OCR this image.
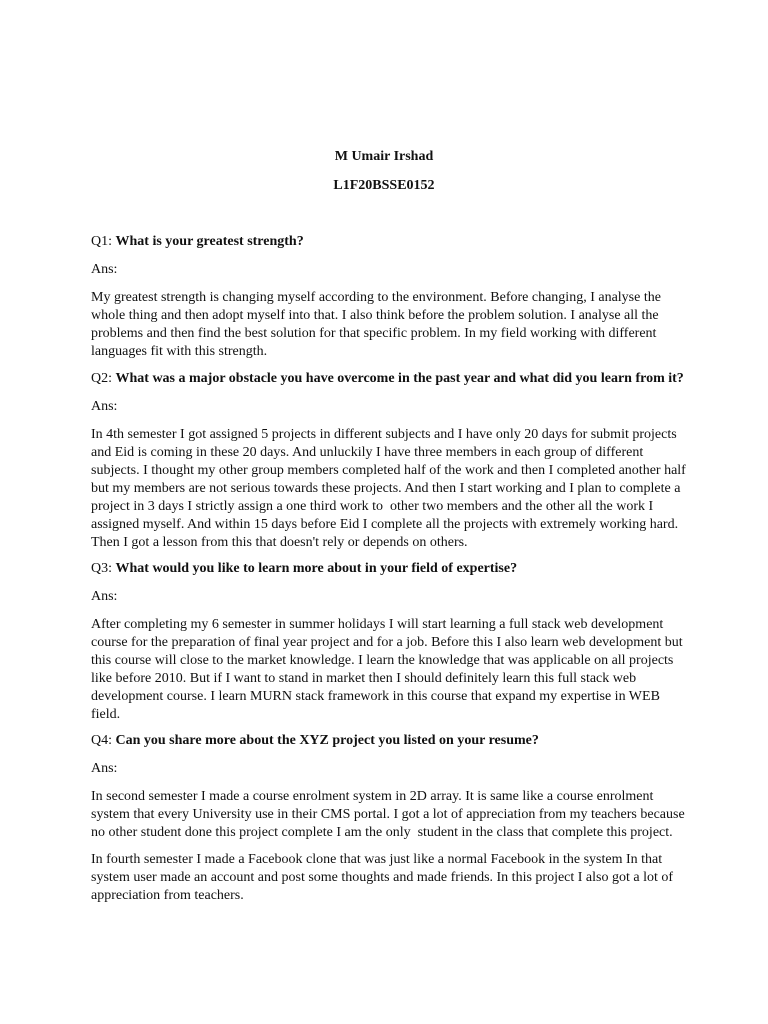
M Umair Irshad
L1F20BSSE0152
Q1: What is your greatest strength?
Ans:
My greatest strength is changing myself according to the environment. Before changing, I analyse the
whole thing and then adopt myself into that. I also think before the problem solution. I analyse all the
problems and then find the best solution for that specific problem. In my field working with different
languages fit with this strength.
Q2: What was a major obstacle you have overcome in the past year and what did you learn from it?
Ans:
In 4th semester I got assigned 5 projects in different subjects and I have only 20 days for submit projects
and Eid is coming in these 20 days. And unluckily I have three members in each group of different
subjects. I thought my other group members completed half of the work and then I completed another half
but my members are not serious towards these projects. And then I start working and I plan to complete a
project in 3 days I strictly assign a one third work to  other two members and the other all the work I
assigned myself. And within 15 days before Eid I complete all the projects with extremely working hard.
Then I got a lesson from this that doesn't rely or depends on others.
Q3: What would you like to learn more about in your field of expertise?
Ans:
After completing my 6 semester in summer holidays I will start learning a full stack web development
course for the preparation of final year project and for a job. Before this I also learn web development but
this course will close to the market knowledge. I learn the knowledge that was applicable on all projects
like before 2010. But if I want to stand in market then I should definitely learn this full stack web
development course. I learn MURN stack framework in this course that expand my expertise in WEB
field.
Q4: Can you share more about the XYZ project you listed on your resume?
Ans:
In second semester I made a course enrolment system in 2D array. It is same like a course enrolment
system that every University use in their CMS portal. I got a lot of appreciation from my teachers because
no other student done this project complete I am the only  student in the class that complete this project.
In fourth semester I made a Facebook clone that was just like a normal Facebook in the system In that
system user made an account and post some thoughts and made friends. In this project I also got a lot of
appreciation from teachers.
